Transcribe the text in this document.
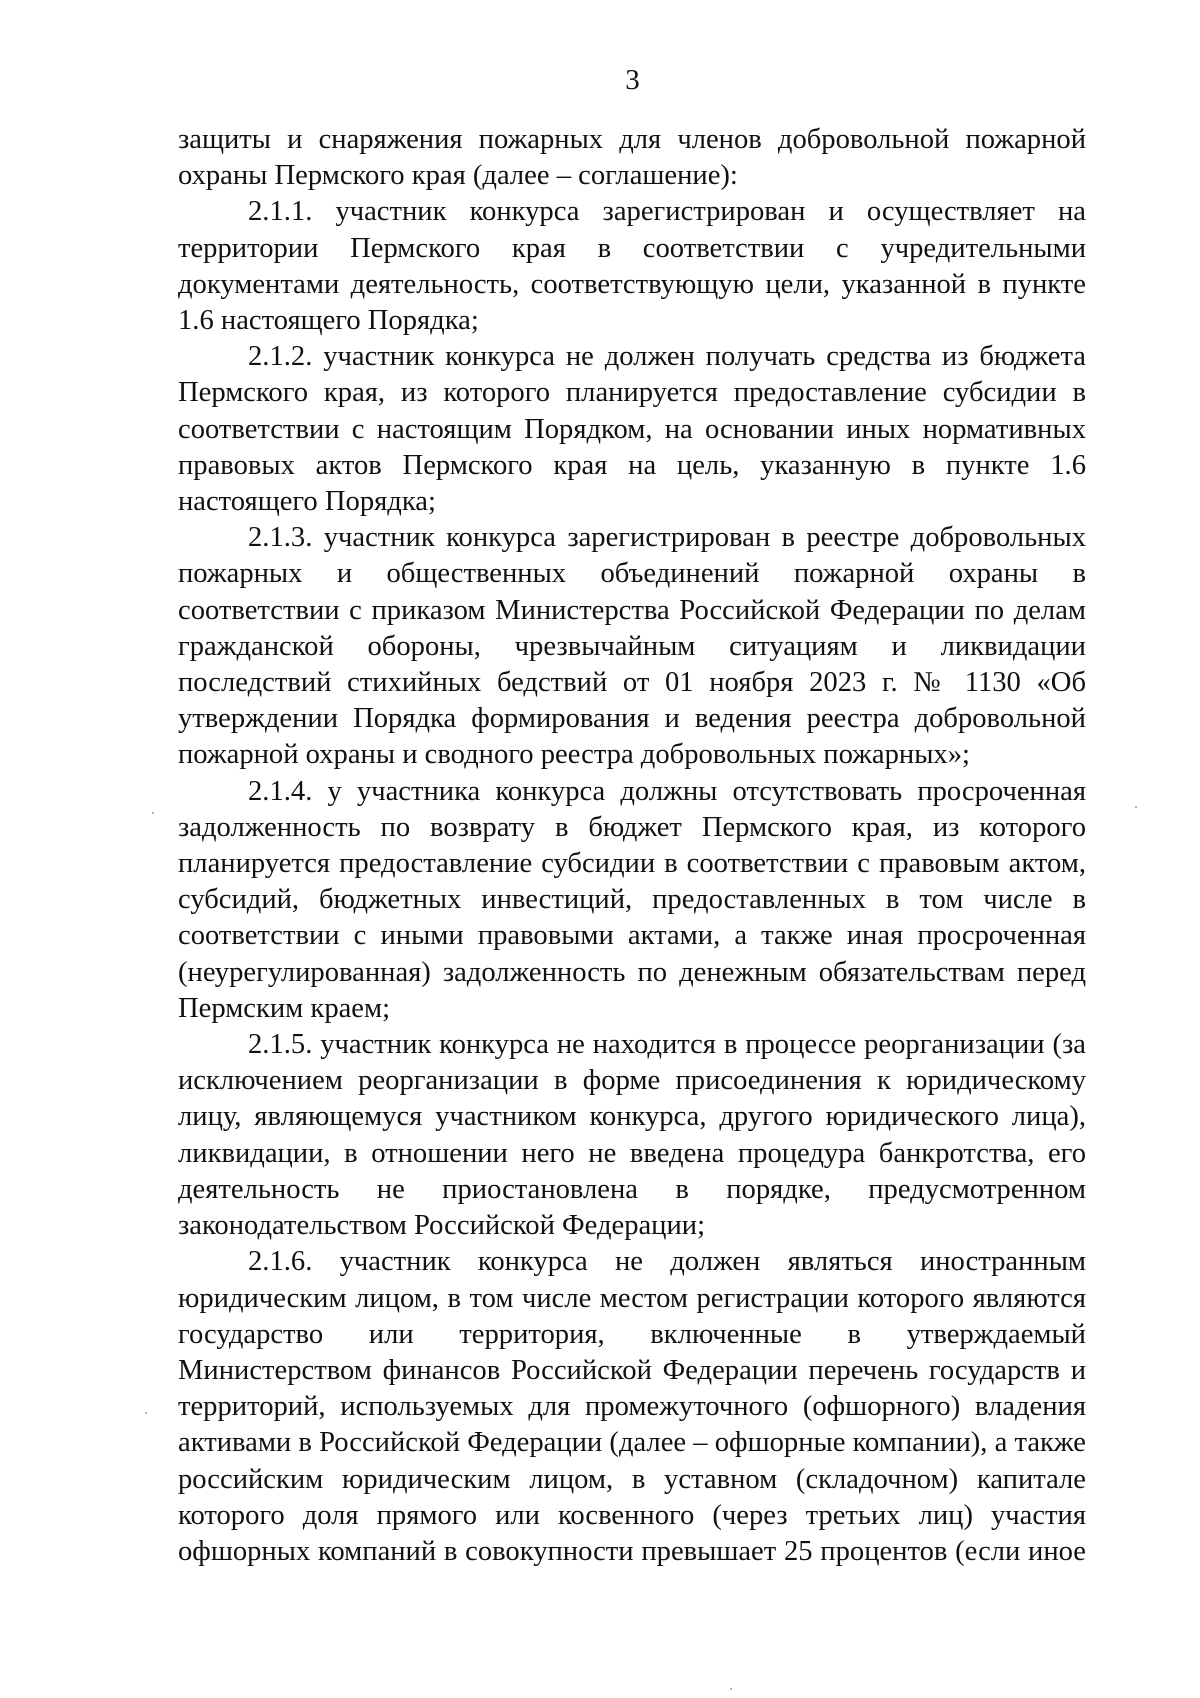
3

защиты и снаряжения пожарных для членов добровольной пожарной охраны Пермского края (далее – соглашение):

2.1.1. участник конкурса зарегистрирован и осуществляет на территории Пермского края в соответствии с учредительными документами деятельность, соответствующую цели, указанной в пункте 1.6 настоящего Порядка;

2.1.2. участник конкурса не должен получать средства из бюджета Пермского края, из которого планируется предоставление субсидии в соответствии с настоящим Порядком, на основании иных нормативных правовых актов Пермского края на цель, указанную в пункте 1.6 настоящего Порядка;

2.1.3. участник конкурса зарегистрирован в реестре добровольных пожарных и общественных объединений пожарной охраны в соответствии с приказом Министерства Российской Федерации по делам гражданской обороны, чрезвычайным ситуациям и ликвидации последствий стихийных бедствий от 01 ноября 2023 г. № 1130 «Об утверждении Порядка формирования и ведения реестра добровольной пожарной охраны и сводного реестра добровольных пожарных»;

2.1.4. у участника конкурса должны отсутствовать просроченная задолженность по возврату в бюджет Пермского края, из которого планируется предоставление субсидии в соответствии с правовым актом, субсидий, бюджетных инвестиций, предоставленных в том числе в соответствии с иными правовыми актами, а также иная просроченная (неурегулированная) задолженность по денежным обязательствам перед Пермским краем;

2.1.5. участник конкурса не находится в процессе реорганизации (за исключением реорганизации в форме присоединения к юридическому лицу, являющемуся участником конкурса, другого юридического лица), ликвидации, в отношении него не введена процедура банкротства, его деятельность не приостановлена в порядке, предусмотренном законодательством Российской Федерации;

2.1.6. участник конкурса не должен являться иностранным юридическим лицом, в том числе местом регистрации которого являются государство или территория, включенные в утверждаемый Министерством финансов Российской Федерации перечень государств и территорий, используемых для промежуточного (офшорного) владения активами в Российской Федерации (далее – офшорные компании), а также российским юридическим лицом, в уставном (складочном) капитале которого доля прямого или косвенного (через третьих лиц) участия офшорных компаний в совокупности превышает 25 процентов (если иное
